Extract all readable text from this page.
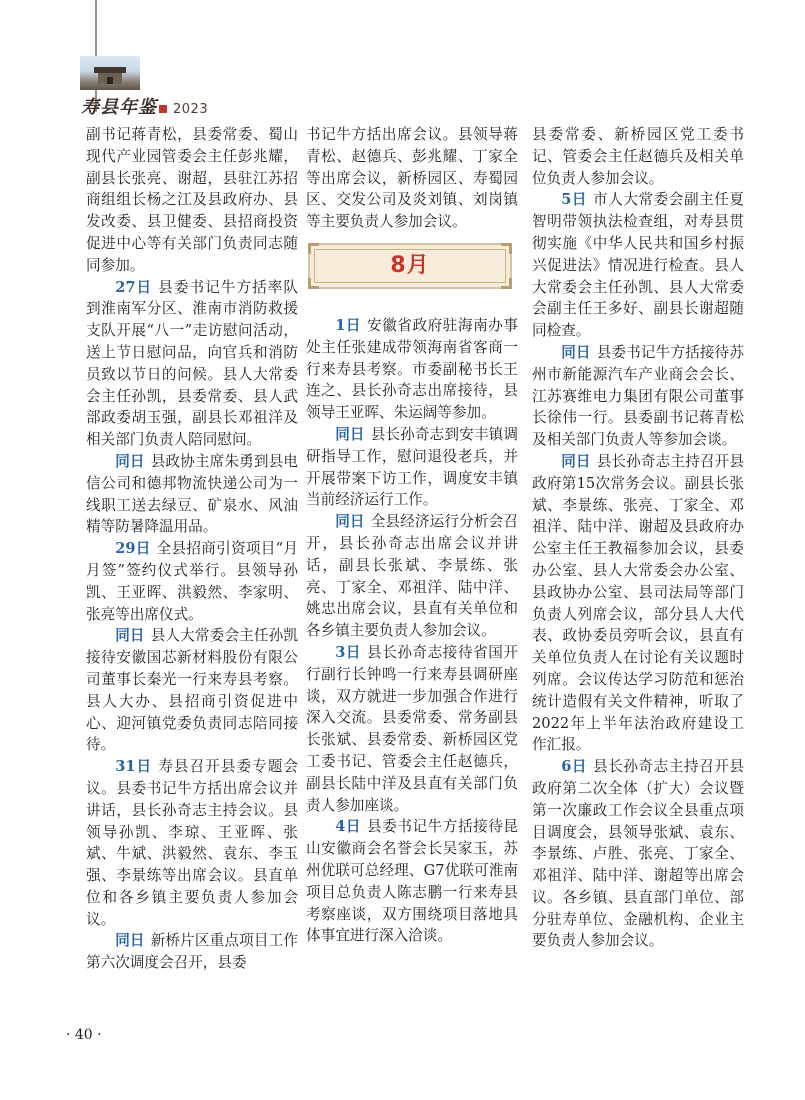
寿县年鉴 2023

副书记蒋青松，县委常委、蜀山现代产业园管委会主任彭兆耀，副县长张亮、谢超，县驻江苏招商组组长杨之江及县政府办、县发改委、县卫健委、县招商投资促进中心等有关部门负责同志随同参加。

27日 县委书记牛方括率队到淮南军分区、淮南市消防救援支队开展“八一”走访慰问活动，送上节日慰问品，向官兵和消防员致以节日的问候。县人大常委会主任孙凯，县委常委、县人武部政委胡玉强，副县长邓祖洋及相关部门负责人陪同慰问。

同日 县政协主席朱勇到县电信公司和德邦物流快递公司为一线职工送去绿豆、矿泉水、风油精等防暑降温用品。

29日 全县招商引资项目“月月签”签约仪式举行。县领导孙凯、王亚晖、洪毅然、李家明、张亮等出席仪式。

同日 县人大常委会主任孙凯接待安徽国芯新材料股份有限公司董事长秦光一行来寿县考察。县人大办、县招商引资促进中心、迎河镇党委负责同志陪同接待。

31日 寿县召开县委专题会议。县委书记牛方括出席会议并讲话，县长孙奇志主持会议。县领导孙凯、李琼、王亚晖、张斌、牛斌、洪毅然、袁东、李玉强、李景练等出席会议。县直单位和各乡镇主要负责人参加会议。

同日 新桥片区重点项目工作第六次调度会召开，县委

书记牛方括出席会议。县领导蒋青松、赵德兵、彭兆耀、丁家全等出席会议，新桥园区、寿蜀园区、交发公司及炎刘镇、刘岗镇等主要负责人参加会议。

8月

1日 安徽省政府驻海南办事处主任张建成带领海南省客商一行来寿县考察。市委副秘书长王连之、县长孙奇志出席接待，县领导王亚晖、朱运阔等参加。

同日 县长孙奇志到安丰镇调研指导工作，慰问退役老兵，并开展带案下访工作，调度安丰镇当前经济运行工作。

同日 全县经济运行分析会召开，县长孙奇志出席会议并讲话，副县长张斌、李景练、张亮、丁家全、邓祖洋、陆中洋、姚忠出席会议，县直有关单位和各乡镇主要负责人参加会议。

3日 县长孙奇志接待省国开行副行长钟鸣一行来寿县调研座谈，双方就进一步加强合作进行深入交流。县委常委、常务副县长张斌、县委常委、新桥园区党工委书记、管委会主任赵德兵，副县长陆中洋及县直有关部门负责人参加座谈。

4日 县委书记牛方括接待昆山安徽商会名誉会长吴家玉，苏州优联可总经理、G7优联可淮南项目总负责人陈志鹏一行来寿县考察座谈，双方围绕项目落地具体事宜进行深入洽谈。

县委常委、新桥园区党工委书记、管委会主任赵德兵及相关单位负责人参加会议。

5日 市人大常委会副主任夏智明带领执法检查组，对寿县贯彻实施《中华人民共和国乡村振兴促进法》情况进行检查。县人大常委会主任孙凯、县人大常委会副主任王多好、副县长谢超随同检查。

同日 县委书记牛方括接待苏州市新能源汽车产业商会会长、江苏赛维电力集团有限公司董事长徐伟一行。县委副书记蒋青松及相关部门负责人等参加会谈。

同日 县长孙奇志主持召开县政府第15次常务会议。副县长张斌、李景练、张亮、丁家全、邓祖洋、陆中洋、谢超及县政府办公室主任王教福参加会议，县委办公室、县人大常委会办公室、县政协办公室、县司法局等部门负责人列席会议，部分县人大代表、政协委员旁听会议，县直有关单位负责人在讨论有关议题时列席。会议传达学习防范和惩治统计造假有关文件精神，听取了2022年上半年法治政府建设工作汇报。

6日 县长孙奇志主持召开县政府第二次全体（扩大）会议暨第一次廉政工作会议全县重点项目调度会，县领导张斌、袁东、李景练、卢胜、张亮、丁家全、邓祖洋、陆中洋、谢超等出席会议。各乡镇、县直部门单位、部分驻寿单位、金融机构、企业主要负责人参加会议。

· 40 ·
